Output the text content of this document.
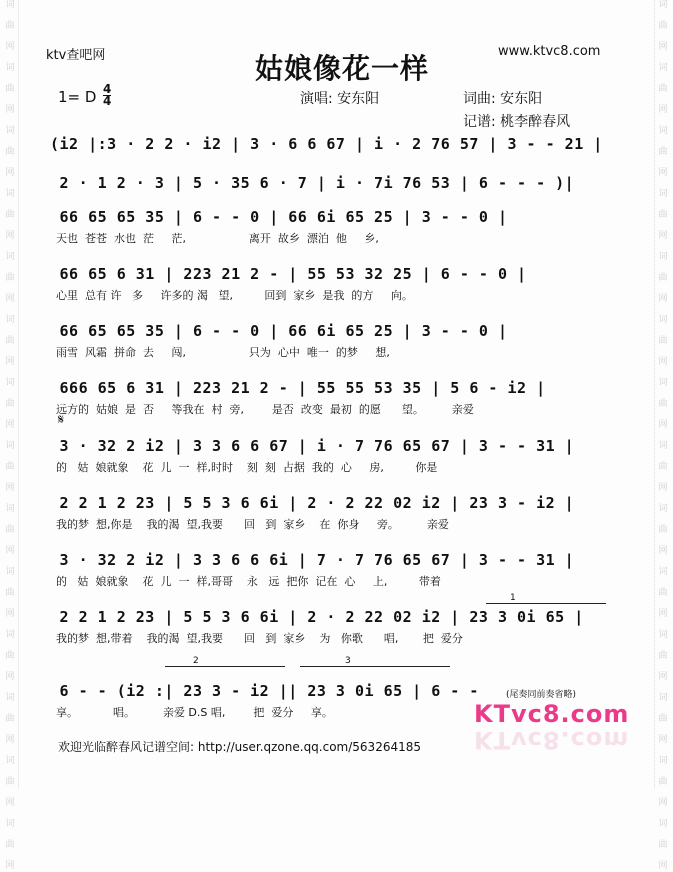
词
曲
网
词
曲
网
词
曲
网
词
曲
网
词
曲
网
词
曲
网
词
曲
网
词
曲
网
词
曲
网
词
曲
网
词
曲
网
词
曲
网
词
曲
网
词
曲
网
词
曲
网
词
曲
网
词
曲
网
词
曲
网
词
曲
网
词
曲
网
词
曲
网
词
曲
网
词
曲
网
词
曲
网
词
曲
网
词
曲
网
词
曲
网
词
曲
网
ktv查吧网	www.ktvc8.com
姑娘像花一样
1= D 4
4	演唱: 安东阳	词曲: 安东阳
记谱: 桃李醉春风
(i2 |:3 · 2 2 · i2 | 3 · 6 6 67 | i · 2 76 57 | 3 - - 21 |
2 · 1 2 · 3 | 5 · 35 6 · 7 | i · 7i 76 53 | 6 - - - )|
66 65 65 35 | 6 - - 0 | 66 6i 65 25 | 3 - - 0 |
天也  苍苍  水也  茫     茫,                  离开  故乡  漂泊  他     乡,
66 65 6 31 | 223 21 2 - | 55 53 32 25 | 6 - - 0 |
心里  总有 许   多     许多的 渴   望,         回到  家乡  是我  的方     向。
66 65 65 35 | 6 - - 0 | 66 6i 65 25 | 3 - - 0 |
雨雪  风霜  拼命  去     闯,                  只为  心中  唯一  的梦     想,
666 65 6 31 | 223 21 2 - | 55 55 53 35 | 5 6 - i2 |
远方的  姑娘  是  否     等我在  村  旁,        是否  改变  最初  的愿      望。        亲爱
3 · 32 2 i2 | 3 3 6 6 67 | i · 7 76 65 67 | 3 - - 31 |
的   姑  娘就象    花  儿  一  样,时时    刻  刻  占据  我的  心     房,         你是
2 2 1 2 23 | 5 5 3 6 6i | 2 · 2 22 02 i2 | 23 3 - i2 |
我的梦  想,你是    我的渴  望,我要      回   到  家乡    在  你身     旁。        亲爱
3 · 32 2 i2 | 3 3 6 6 6i | 7 · 7 76 65 67 | 3 - - 31 |
的   姑  娘就象    花  儿  一  样,哥哥    永   远  把你  记在  心     上,         带着
2 2 1 2 23 | 5 5 3 6 6i | 2 · 2 22 02 i2 | 23 3 0i 65 |
我的梦  想,带着    我的渴  望,我要      回   到  家乡    为   你歌      唱,       把  爱分
6 - - (i2 :| 23 3 - i2 || 23 3 0i 65 | 6 - -
享。          唱。        亲爱 D.S 唱,        把  爱分     享。
𝄋
1
2	3
(尾奏同前奏省略)
KTvc8.com
KTvc8.com
欢迎光临醉春风记谱空间: http://user.qzone.qq.com/563264185
